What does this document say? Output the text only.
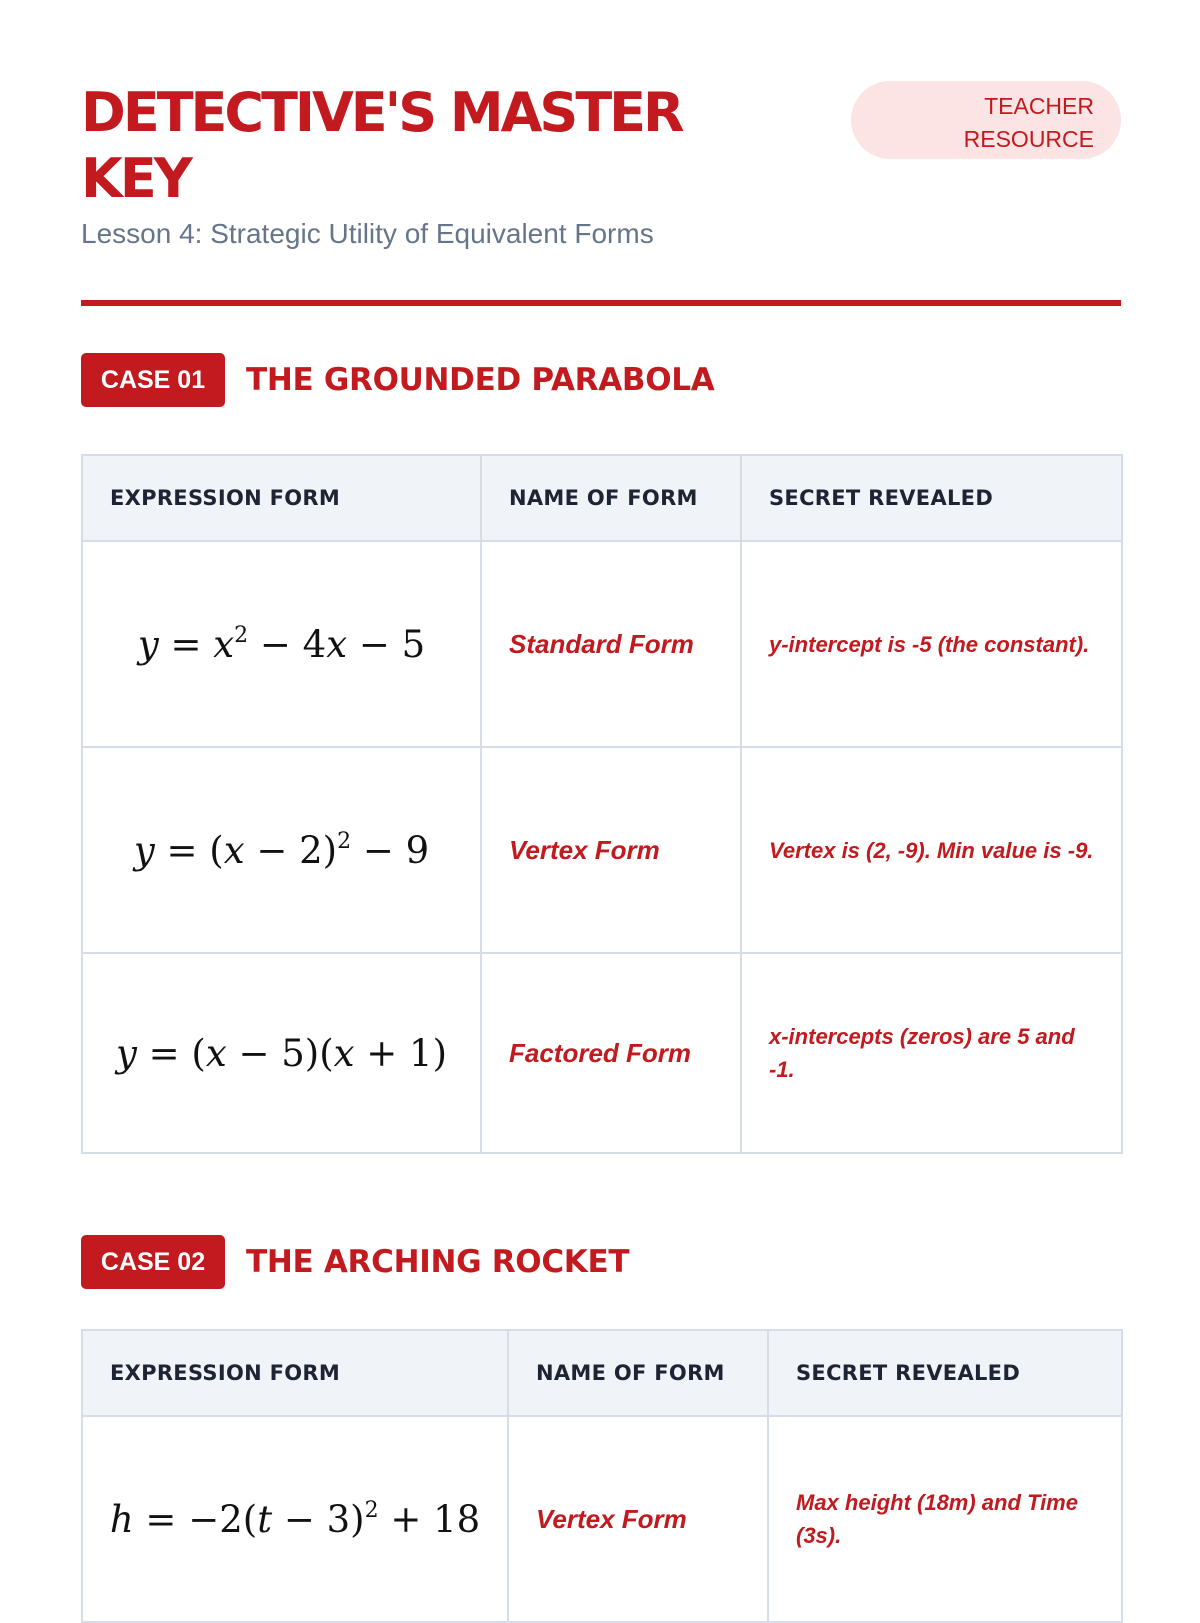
DETECTIVE'S MASTER KEY
Lesson 4: Strategic Utility of Equivalent Forms
TEACHER
RESOURCE
CASE 01	THE GROUNDED PARABOLA
EXPRESSION FORM	NAME OF FORM	SECRET REVEALED
$y = x^2 - 4x - 5$	Standard Form	y-intercept is -5 (the constant).
$y = (x - 2)^2 - 9$	Vertex Form	Vertex is (2, -9). Min value is -9.
y = (x − 5)(x + 1)	Factored Form	x-intercepts (zeros) are 5 and -1.
CASE 02	THE ARCHING ROCKET
EXPRESSION FORM	NAME OF FORM	SECRET REVEALED
$h = -2(t - 3)^2 + 18$	Vertex Form	Max height (18m) and Time (3s).
